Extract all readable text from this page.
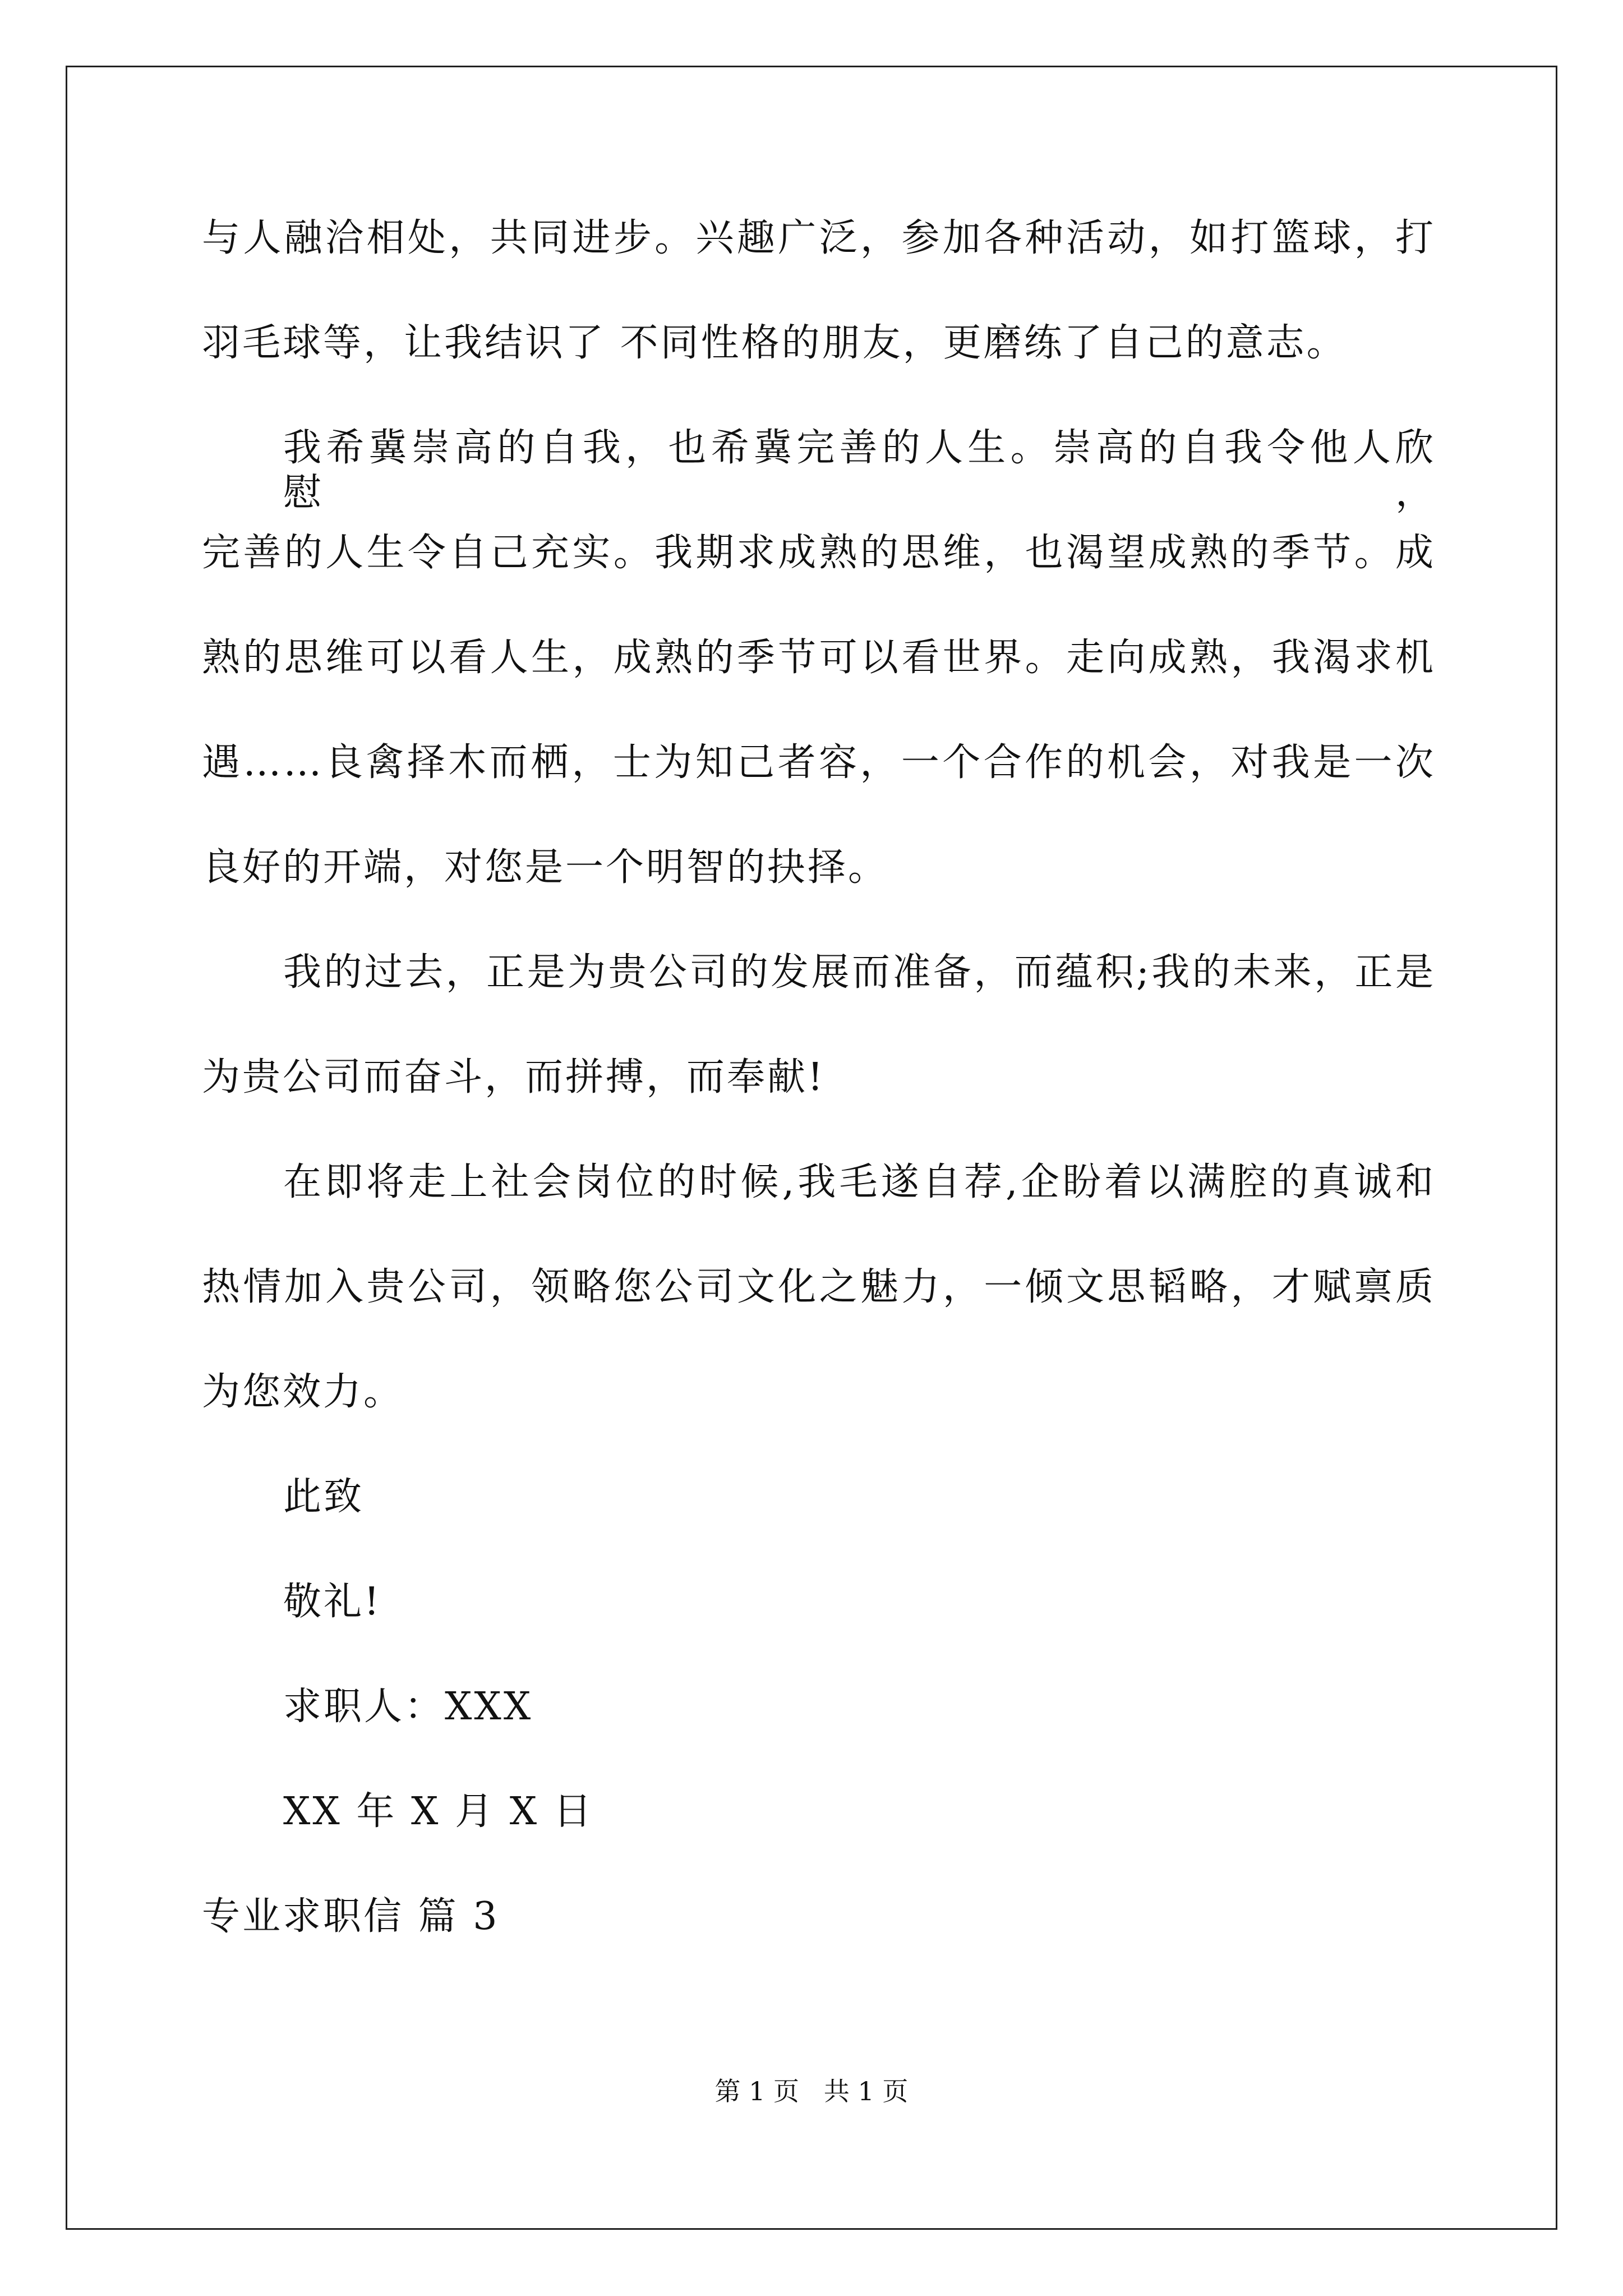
与人融洽相处，共同进步。兴趣广泛，参加各种活动，如打篮球，打

羽毛球等，让我结识了 不同性格的朋友，更磨练了自己的意志。

我希冀崇高的自我，也希冀完善的人生。崇高的自我令他人欣慰，

完善的人生令自己充实。我期求成熟的思维，也渴望成熟的季节。成

熟的思维可以看人生，成熟的季节可以看世界。走向成熟，我渴求机

遇……良禽择木而栖，士为知己者容，一个合作的机会，对我是一次

良好的开端，对您是一个明智的抉择。

我的过去，正是为贵公司的发展而准备，而蕴积;我的未来，正是

为贵公司而奋斗，而拼搏，而奉献!

在即将走上社会岗位的时候,我毛遂自荐,企盼着以满腔的真诚和

热情加入贵公司，领略您公司文化之魅力，一倾文思韬略，才赋禀质

为您效力。

此致

敬礼!

求职人：XXX

XX 年 X 月 X 日

专业求职信 篇 3

第 1 页   共 1 页
